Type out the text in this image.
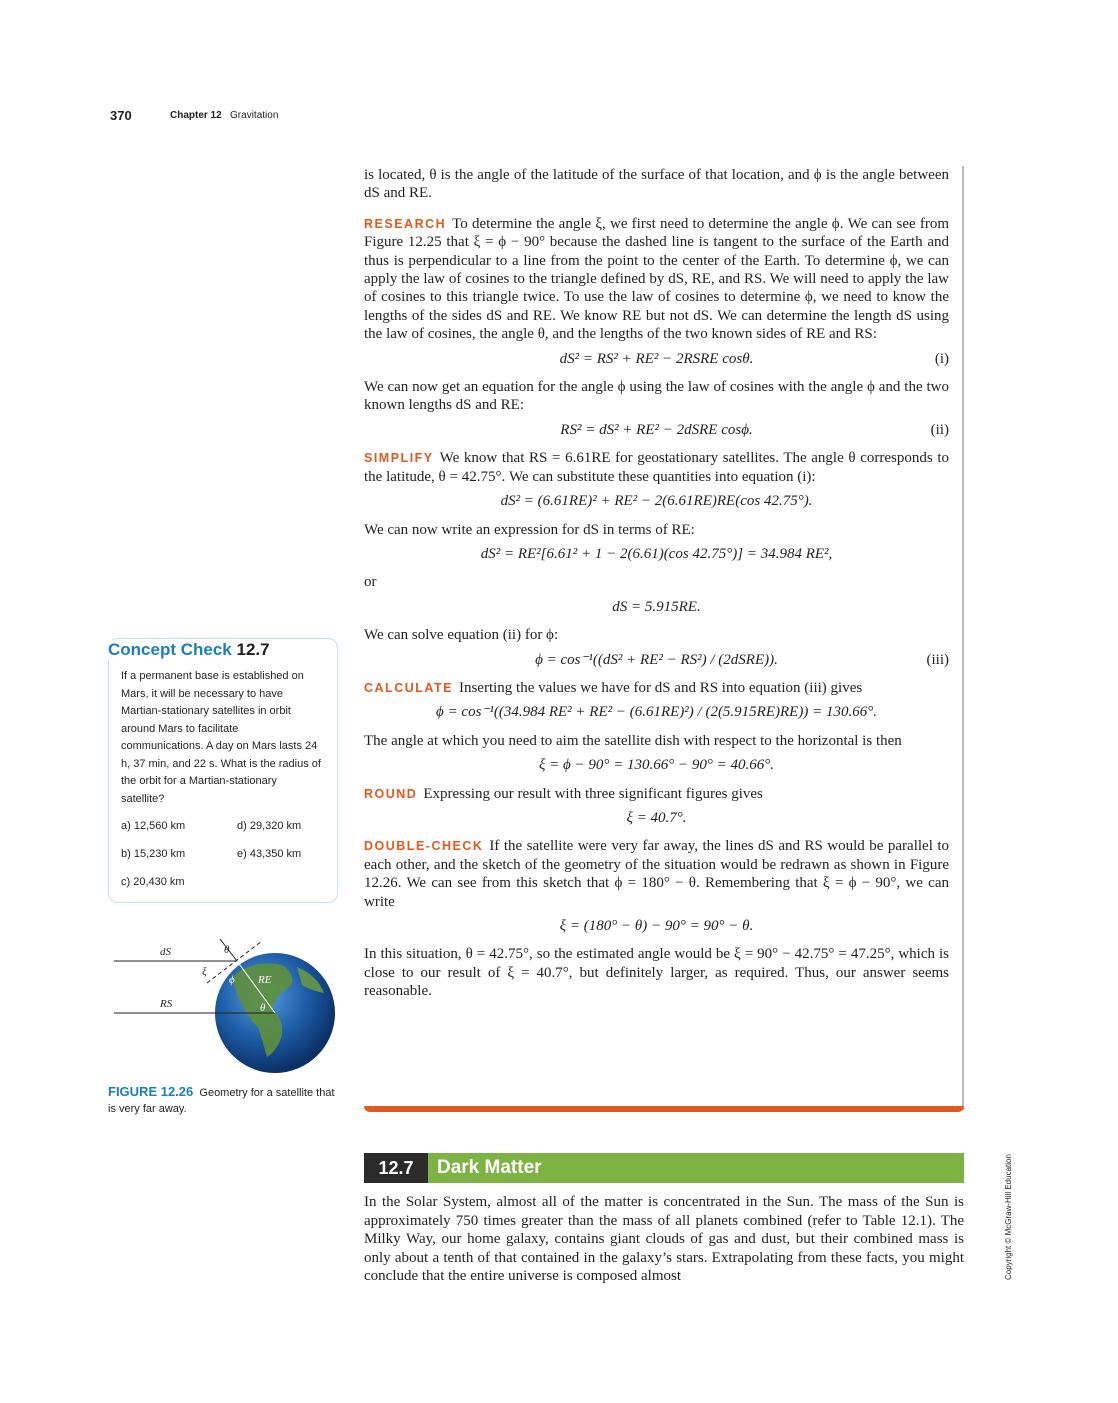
370	Chapter 12 Gravitation

is located, θ is the angle of the latitude of the surface of that location, and ϕ is the angle between dS and RE.

RESEARCH To determine the angle ξ, we first need to determine the angle ϕ. We can see from Figure 12.25 that ξ = ϕ − 90° because the dashed line is tangent to the surface of the Earth and thus is perpendicular to a line from the point to the center of the Earth. To determine ϕ, we can apply the law of cosines to the triangle defined by dS, RE, and RS. We will need to apply the law of cosines to this triangle twice. To use the law of cosines to determine ϕ, we need to know the lengths of the sides dS and RE. We know RE but not dS. We can determine the length dS using the law of cosines, the angle θ, and the lengths of the two known sides of RE and RS:

dS² = RS² + RE² − 2RSRE cosθ.	(i)

We can now get an equation for the angle ϕ using the law of cosines with the angle ϕ and the two known lengths dS and RE:

RS² = dS² + RE² − 2dSRE cosϕ.	(ii)

SIMPLIFY We know that RS = 6.61RE for geostationary satellites. The angle θ corresponds to the latitude, θ = 42.75°. We can substitute these quantities into equation (i):

dS² = (6.61RE)² + RE² − 2(6.61RE)RE(cos 42.75°).

We can now write an expression for dS in terms of RE:

dS² = RE²[6.61² + 1 − 2(6.61)(cos 42.75°)] = 34.984 RE²,

or

dS = 5.915RE.

We can solve equation (ii) for ϕ:

ϕ = cos⁻¹((dS² + RE² − RS²) / (2dSRE)).	(iii)

CALCULATE Inserting the values we have for dS and RS into equation (iii) gives

ϕ = cos⁻¹((34.984 RE² + RE² − (6.61RE)²) / (2(5.915RE)RE)) = 130.66°.

The angle at which you need to aim the satellite dish with respect to the horizontal is then

ξ = ϕ − 90° = 130.66° − 90° = 40.66°.

ROUND Expressing our result with three significant figures gives

ξ = 40.7°.

DOUBLE-CHECK If the satellite were very far away, the lines dS and RS would be parallel to each other, and the sketch of the geometry of the situation would be redrawn as shown in Figure 12.26. We can see from this sketch that ϕ = 180° − θ. Remembering that ξ = ϕ − 90°, we can write

ξ = (180° − θ) − 90° = 90° − θ.

In this situation, θ = 42.75°, so the estimated angle would be ξ = 90° − 42.75° = 47.25°, which is close to our result of ξ = 40.7°, but definitely larger, as required. Thus, our answer seems reasonable.

Concept Check 12.7
If a permanent base is established on Mars, it will be necessary to have Martian-stationary satellites in orbit around Mars to facilitate communications. A day on Mars lasts 24 h, 37 min, and 22 s. What is the radius of the orbit for a Martian-stationary satellite?
a) 12,560 km
b) 15,230 km
c) 20,430 km
d) 29,320 km
e) 43,350 km
dS
RS
θ
ξ
ϕ RE
θ
FIGURE 12.26 Geometry for a satellite that is very far away.
12.7	Dark Matter
In the Solar System, almost all of the matter is concentrated in the Sun. The mass of the Sun is approximately 750 times greater than the mass of all planets combined (refer to Table 12.1). The Milky Way, our home galaxy, contains giant clouds of gas and dust, but their combined mass is only about a tenth of that contained in the galaxy’s stars. Extrapolating from these facts, you might conclude that the entire universe is composed almost	Copyright © McGraw-Hill Education
